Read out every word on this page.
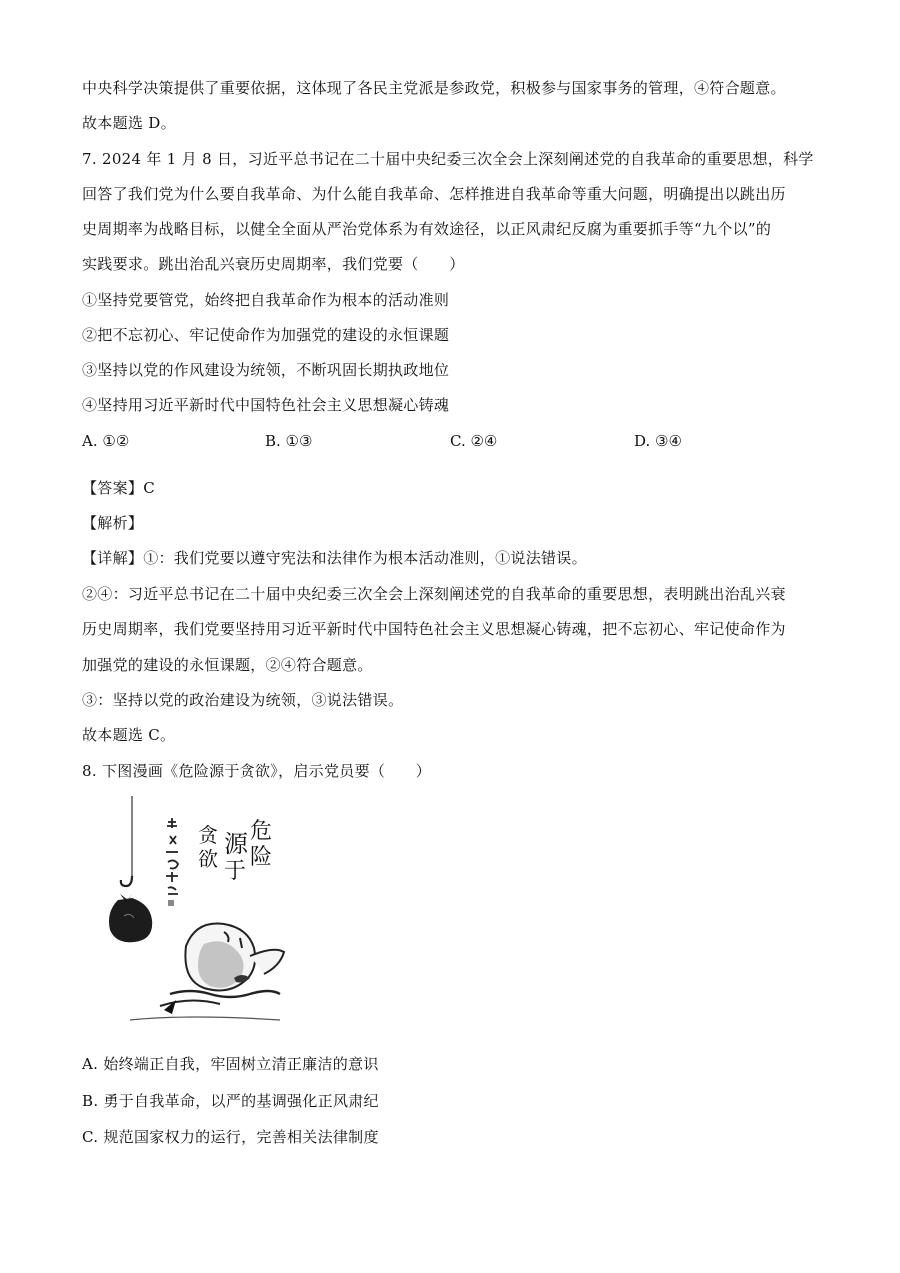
中央科学决策提供了重要依据，这体现了各民主党派是参政党，积极参与国家事务的管理，④符合题意。
故本题选 D。
7. 2024 年 1 月 8 日，习近平总书记在二十届中央纪委三次全会上深刻阐述党的自我革命的重要思想，科学
回答了我们党为什么要自我革命、为什么能自我革命、怎样推进自我革命等重大问题，明确提出以跳出历
史周期率为战略目标，以健全全面从严治党体系为有效途径，以正风肃纪反腐为重要抓手等“九个以”的
实践要求。跳出治乱兴衰历史周期率，我们党要（　　）
①坚持党要管党，始终把自我革命作为根本的活动准则
②把不忘初心、牢记使命作为加强党的建设的永恒课题
③坚持以党的作风建设为统领，不断巩固长期执政地位
④坚持用习近平新时代中国特色社会主义思想凝心铸魂
A. ①②	B. ①③	C. ②④	D. ③④
【答案】C
【解析】
【详解】①：我们党要以遵守宪法和法律作为根本活动准则，①说法错误。
②④：习近平总书记在二十届中央纪委三次全会上深刻阐述党的自我革命的重要思想，表明跳出治乱兴衰
历史周期率，我们党要坚持用习近平新时代中国特色社会主义思想凝心铸魂，把不忘初心、牢记使命作为
加强党的建设的永恒课题，②④符合题意。
③：坚持以党的政治建设为统领，③说法错误。
故本题选 C。
8. 下图漫画《危险源于贪欲》，启示党员要（　　）
危
险
源
于
贪
欲
A. 始终端正自我，牢固树立清正廉洁的意识
B. 勇于自我革命，以严的基调强化正风肃纪
C. 规范国家权力的运行，完善相关法律制度
